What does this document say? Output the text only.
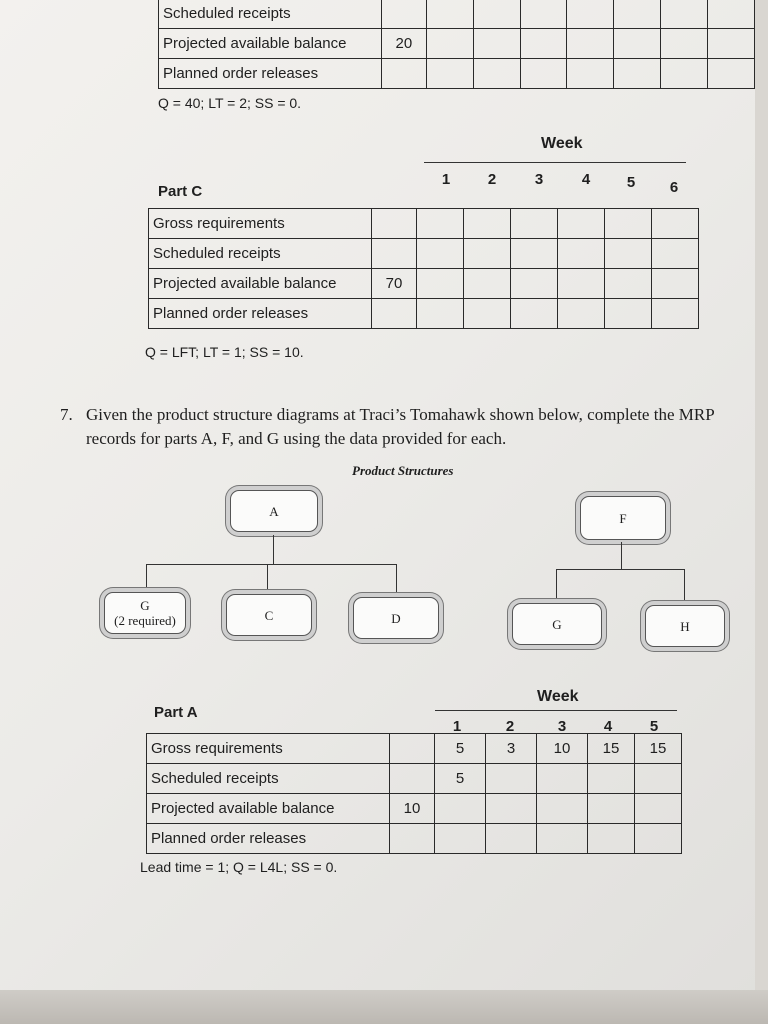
Scheduled receipts								
Projected available balance	20							
Planned order releases								
Q = 40; LT = 2; SS = 0.
Week
1	2	3	4	5	6
Part C
Gross requirements							
Scheduled receipts							
Projected available balance	70						
Planned order releases							
Q = LFT; LT = 1; SS = 10.
7. Given the product structure diagrams at Traci’s Tomahawk shown below, complete the MRP records for parts A, F, and G using the data provided for each.
Product Structures
A
G
(2 required)	C	D
F
G	H
Week
1	2	3	4	5
Part A
Gross requirements		5	3	10	15	15
Scheduled receipts		5				
Projected available balance	10					
Planned order releases						
Lead time = 1; Q = L4L; SS = 0.
